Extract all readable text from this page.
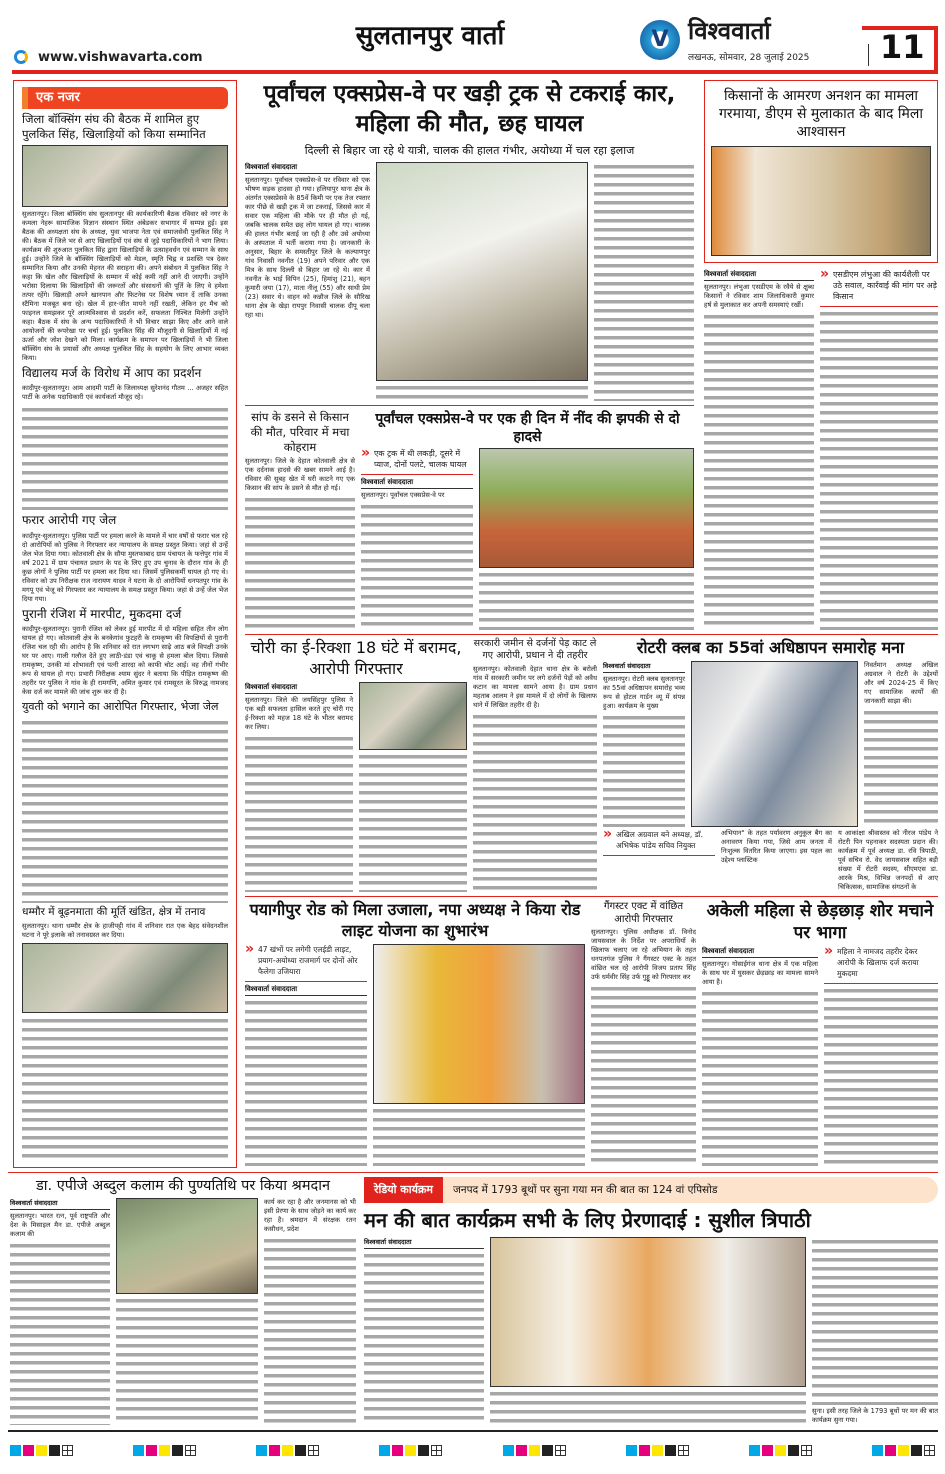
www.vishwavarta.com
सुलतानपुर वार्ता	V विश्ववार्ता
लखनऊ, सोमवार, 28 जुलाई 2025 11
एक नजर
जिला बॉक्सिंग संघ की बैठक में शामिल हुए पुलकित सिंह, खिलाड़ियों को किया सम्मानित
सुलतानपुर। जिला बॉक्सिंग संघ सुलतानपुर की कार्यकारिणी बैठक रविवार को नगर के कमला नेहरू सामाजिक विज्ञान संस्थान स्थित अंबेडकर सभागार में सम्पन्न हुई। इस बैठक की अध्यक्षता संघ के अध्यक्ष, युवा भाजपा नेता एवं समाजसेवी पुलकित सिंह ने की। बैठक में जिले भर से आए खिलाड़ियों एवं संघ से जुड़े पदाधिकारियों ने भाग लिया। कार्यक्रम की शुरुआत पुलकित सिंह द्वारा खिलाड़ियों के उत्साहवर्धन एवं सम्मान के साथ हुई। उन्होंने जिले के बॉक्सिंग खिलाड़ियों को मेडल, स्मृति चिह्न व प्रशस्ति पत्र देकर सम्मानित किया और उनकी मेहनत की सराहना की। अपने संबोधन में पुलकित सिंह ने कहा कि खेल और खिलाड़ियों के सम्मान में कोई कमी नहीं आने दी जाएगी। उन्होंने भरोसा दिलाया कि खिलाड़ियों की जरूरतों और संसाधनों की पूर्ति के लिए वे हमेशा तत्पर रहेंगे। खिलाड़ी अपने खानपान और फिटनेस पर विशेष ध्यान दें ताकि उनका स्टैमिना मजबूत बना रहे। खेल में हार-जीत मायने नहीं रखती, लेकिन हर मैच को फाइनल समझकर पूरे आत्मविश्वास से प्रदर्शन करें, सफलता निश्चित मिलेगी उन्होंने कहा। बैठक में संघ के अन्य पदाधिकारियों ने भी विचार साझा किए और आने वाले आयोजनों की रूपरेखा पर चर्चा हुई। पुलकित सिंह की मौजूदगी से खिलाड़ियों में नई ऊर्जा और जोश देखने को मिला। कार्यक्रम के समापन पर खिलाड़ियों ने भी जिला बॉक्सिंग संघ के प्रयासों और अध्यक्ष पुलकित सिंह के सहयोग के लिए आभार व्यक्त किया।
विद्यालय मर्ज के विरोध में आप का प्रदर्शन
कादीपुर-सुलतानपुर। आम आदमी पार्टी के जिलाध्यक्ष सुरेशनंद गौतम ... अजहर सहित पार्टी के अनेक पदाधिकारी एवं कार्यकर्ता मौजूद रहे।
फरार आरोपी गए जेल
कादीपुर-सुलतानपुर। पुलिस पार्टी पर हमला करने के मामले में चार वर्षों से फरार चल रहे दो आरोपियों को पुलिस ने गिरफ्तार कर न्यायालय के समक्ष प्रस्तुत किया। जहां से उन्हें जेल भेज दिया गया। कोतवाली क्षेत्र के सौया मुस्तफाबाद ग्राम पंचायत के फत्तेपुर गांव में वर्ष 2021 में ग्राम पंचायत प्रधान के पद के लिए हुए उप चुनाव के दौरान गांव के ही कुछ लोगों ने पुलिस पार्टी पर हमला कर दिया था। जिसमें पुलिसकर्मी घायल हो गए थे। रविवार को उप निरीक्षक राज नारायण यादव ने घटना के दो आरोपियों धनपतपुर गांव के मगपू एवं भेजू को गिरफ्तार कर न्यायालय के समक्ष प्रस्तुत किया। जहां से उन्हें जेल भेज दिया गया।
पुरानी रंजिश में मारपीट, मुकदमा दर्ज
कादीपुर-सुलतानपुर। पुरानी रंजिश को लेकर हुई मारपीट में दो महिला सहित तीन लोग घायल हो गए। कोतवाली क्षेत्र के बनकेगांव फुटहरी के रामकृष्ण की विपक्षियों से पुरानी रंजिश चल रही थी। आरोप है कि शनिवार को रात लगभग साढ़े आठ बजे विपक्षी उनके घर पर आए। गाली गलौज देते हुए लाठी-डंडा एवं चाकू से हमला बोल दिया। जिससे रामकृष्ण, उनकी मां शोभावती एवं पत्नी शारदा को काफी चोट आई। वह तीनों गंभीर रूप से घायल हो गए। प्रभारी निरीक्षक श्याम सुंदर ने बताया कि पीड़ित रामकृष्ण की तहरीर पर पुलिस ने गांव के ही रामगणि, अमित कुमार एवं रामसूरत के विरुद्ध नामजद केस दर्ज कर मामले की जांच शुरू कर दी है।
युवती को भगाने का आरोपित गिरफ्तार, भेजा जेल
धम्मौर में बूढ़नमाता की मूर्ति खंडित, क्षेत्र में तनाव
सुलतानपुर। थाना धम्मौर क्षेत्र के हाजीपट्टी गांव में शनिवार रात एक बेहद संवेदनशील घटना ने पूरे इलाके को तनावग्रस्त कर दिया।
पूर्वांचल एक्सप्रेस-वे पर खड़ी ट्रक से टकराई कार, महिला की मौत, छह घायल
दिल्ली से बिहार जा रहे थे यात्री, चालक की हालत गंभीर, अयोध्या में चल रहा इलाज
विश्ववार्ता संवाददाता
सुलतानपुर। पूर्वांचल एक्सप्रेस-वे पर रविवार को एक भीषण सड़क हादसा हो गया। हलियापुर थाना क्षेत्र के अंतर्गत एक्सप्रेसवे के 85वें किमी पर एक तेज रफ्तार कार पीछे से खड़ी ट्रक में जा टकराई, जिससे कार में सवार एक महिला की मौके पर ही मौत हो गई, जबकि चालक समेत छह लोग घायल हो गए। चालक की हालत गंभीर बताई जा रही है और उसे अयोध्या के अस्पताल में भर्ती कराया गया है। जानकारी के अनुसार, बिहार के समस्तीपुर जिले के कल्याणपुर गांव निवासी नवनीत (19) अपने परिवार और एक मित्र के साथ दिल्ली से बिहार जा रहे थे। कार में नवनीत के भाई विपिन (25), हिमांशु (21), बहन कुमारी जया (17), माता नीलू (55) और साथी प्रेम (23) सवार थे। वाहन को कन्नौज जिले के सौरिख थाना क्षेत्र के खेड़ा रायपुर निवासी चालक दीपू चला रहा था।
सांप के डसने से किसान की मौत, परिवार में मचा कोहराम
सुलतानपुर। जिले के देहात कोतवाली क्षेत्र से एक दर्दनाक हादसे की खबर सामने आई है। रविवार की सुबह खेत में घरी काटने गए एक किसान की सांप के डसने से मौत हो गई।
पूर्वांचल एक्सप्रेस-वे पर एक ही दिन में नींद की झपकी से दो हादसे
» एक ट्रक में थी लकड़ी, दूसरे में प्याज, दोनों पलटे, चालक घायल
विश्ववार्ता संवाददाता
सुलतानपुर। पूर्वांचल एक्सप्रेस-वे पर
किसानों के आमरण अनशन का मामला गरमाया, डीएम से मुलाकात के बाद मिला आश्वासन
विश्ववार्ता संवाददाता
सुलतानपुर। लंभुआ एसडीएम के रवैये से क्षुब्ध किसानों ने रविवार शाम जिलाधिकारी कुमार हर्ष से मुलाकात कर अपनी समस्याएं रखीं।
» एसडीएम लंभुआ की कार्यशैली पर उठे सवाल, कार्रवाई की मांग पर अड़े किसान
चोरी का ई-रिक्शा 18 घंटे में बरामद, आरोपी गिरफ्तार
विश्ववार्ता संवाददाता
सुलतानपुर। जिले की जयसिंहपुर पुलिस ने एक बड़ी सफलता हासिल करते हुए चोरी गए ई-रिक्शा को महज 18 घंटे के भीतर बरामद कर लिया।
सरकारी जमीन से दर्जनों पेड़ काट ले गए आरोपी, प्रधान ने दी तहरीर
सुलतानपुर। कोतवाली देहात थाना क्षेत्र के बरोली गांव में सरकारी जमीन पर लगे दर्जनों पेड़ों को अवैध कटान का मामला सामने आया है। ग्राम प्रधान महताब आलम ने इस मामले में दो लोगों के खिलाफ थाने में लिखित तहरीर दी है।
रोटरी क्लब का 55वां अधिष्ठापन समारोह मना
विश्ववार्ता संवाददाता
सुलतानपुर। रोटरी क्लब सुलतानपुर का 55वां अधिष्ठापन समारोह भव्य रूप से होटल गार्डन व्यू में संपन्न हुआ। कार्यक्रम के मुख्य
निवर्तमान अध्यक्ष अखिल अग्रवाल ने रोटरी के उद्देश्यों और वर्ष 2024-25 में किए गए सामाजिक कार्यों की जानकारी साझा की।
» अखिल अग्रवाल बने अध्यक्ष, डॉ. अभिषेक पांडेय सचिव नियुक्त
अभियान" के तहत पर्यावरण अनुकूल बैग का अनावरण किया गया, जिसे आम जनता में निःशुल्क वितरित किया जाएगा। इस पहल का उद्देश्य प्लास्टिक
य आकांक्षा श्रीवास्तव को नीरज पांडेय ने रोटरी पिन पहनाकर सदस्यता प्रदान की। कार्यक्रम में पूर्व अध्यक्ष डा. रवि त्रिपाठी, पूर्व सचिव रो. वेद जायसवाल सहित बड़ी संख्या में रोटरी सदस्य, सीएमएस डा. आरके मिश्र, विभिन्न जनपदों से आए चिकित्सक, सामाजिक संगठनों के
पयागीपुर रोड को मिला उजाला, नपा अध्यक्ष ने किया रोड लाइट योजना का शुभारंभ
» 47 खंभों पर लगेगी एलईडी लाइट, प्रयाग-अयोध्या राजमार्ग पर दोनों ओर फैलेगा उजियारा
विश्ववार्ता संवाददाता
गैंगस्टर एक्ट में वांछित आरोपी गिरफ्तार
सुलतानपुर। पुलिस अधीक्षक डॉ. विनोद जायसवाल के निर्देश पर अपराधियों के खिलाफ चलाए जा रहे अभियान के तहत धनपतगंज पुलिस ने गैंगस्टर एक्ट के तहत वांछित चल रहे आरोपी विजय प्रताप सिंह उर्फ धर्मवीर सिंह उर्फ गुड्डू को गिरफ्तार कर
अकेली महिला से छेड़छाड़ शोर मचाने पर भागा
विश्ववार्ता संवाददाता
सुलतानपुर। गोसाईगंज थाना क्षेत्र में एक महिला के साथ घर में घुसकर छेड़छाड़ का मामला सामने आया है।
» महिला ने नामजद तहरीर देकर आरोपी के खिलाफ दर्ज कराया मुकदमा
डा. एपीजे अब्दुल कलाम की पुण्यतिथि पर किया श्रमदान
विश्ववार्ता संवाददाता
सुलतानपुर। भारत रत्न, पूर्व राष्ट्रपति और देश के मिसाइल मैन डा. एपीजे अब्दुल कलाम की
कार्य कर रहा है और जनमानस को भी इसी प्रेरणा के साथ जोड़ने का कार्य कर रहा है। श्रमदान में संरक्षक रतन कसौधन, प्रदेश
रेडियो कार्यक्रम	जनपद में 1793 बूथों पर सुना गया मन की बात का 124 वां एपिसोड
मन की बात कार्यक्रम सभी के लिए प्रेरणादाई : सुशील त्रिपाठी
विश्ववार्ता संवाददाता
सुना। इसी तरह जिले के 1793 बूथों पर मन की बात कार्यक्रम सुना गया।
